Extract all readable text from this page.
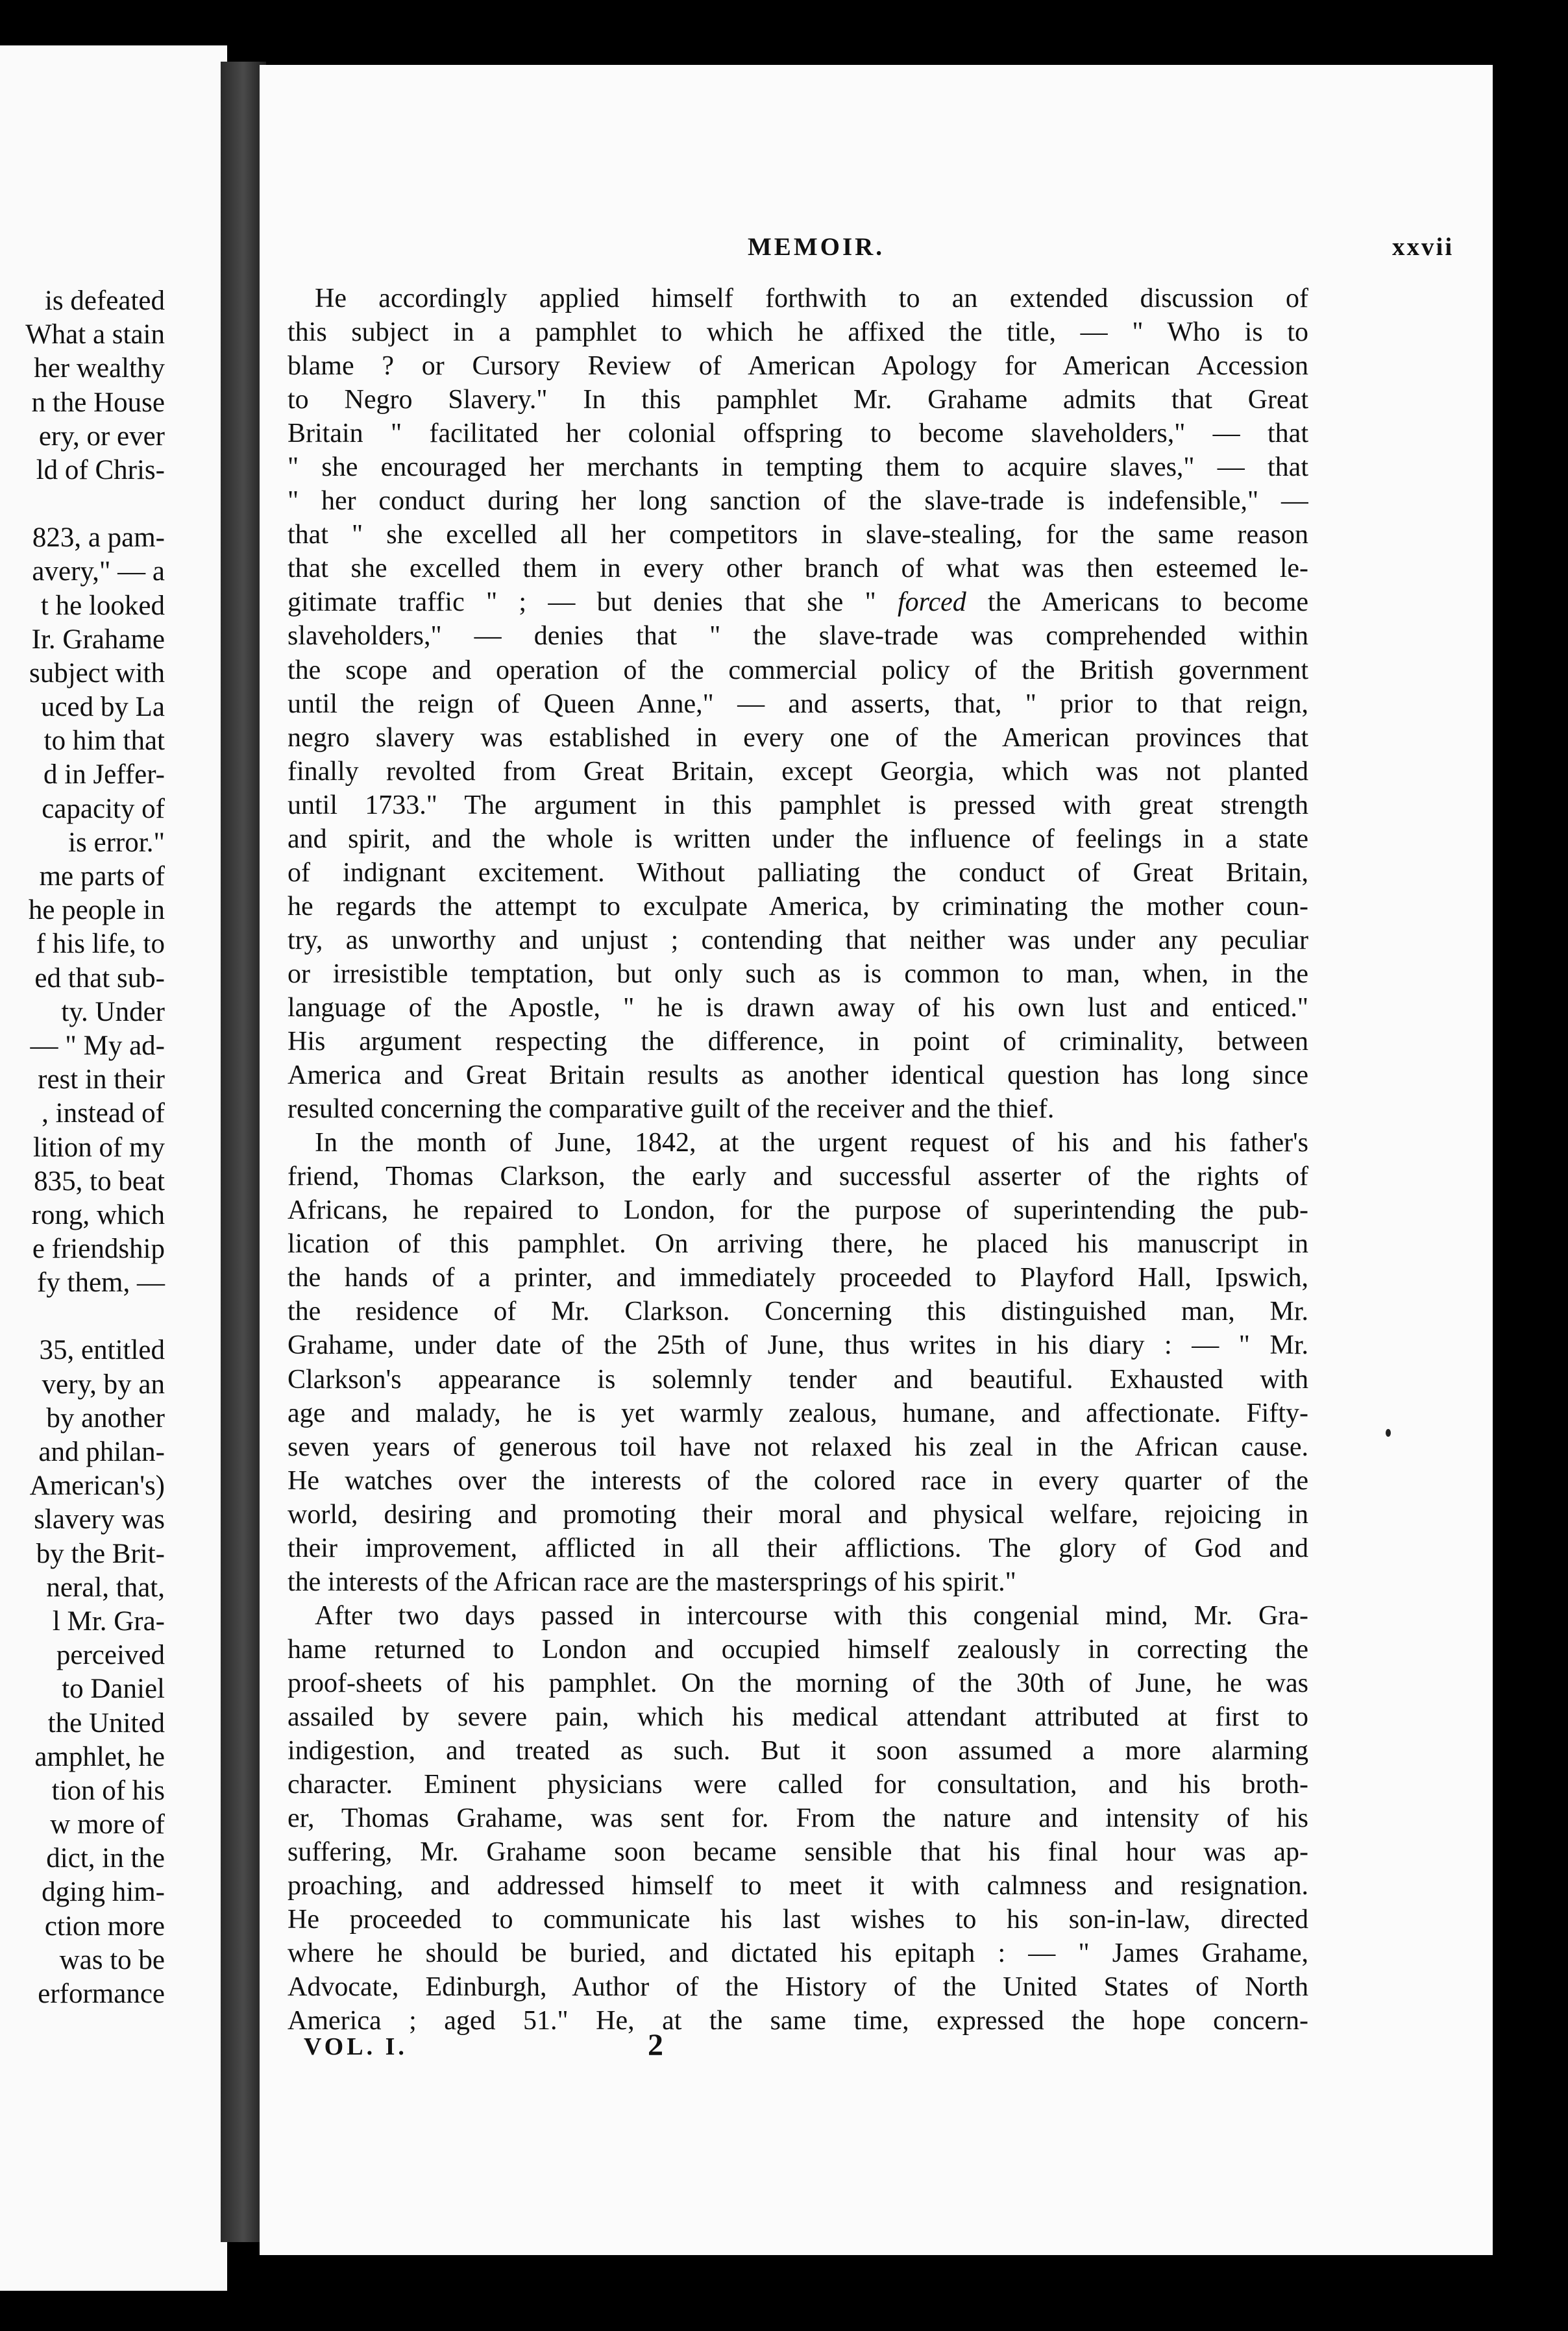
is defeated
What a stain
her wealthy
n the House
ery, or ever
ld of Chris-
823, a pam-
avery," — a
t he looked
Ir. Grahame
subject with
uced by La
to him that
d in Jeffer-
capacity of
is error."
me parts of
he people in
f his life, to
ed that sub-
ty. Under
— " My ad-
rest in their
, instead of
lition of my
835, to beat
rong, which
e friendship
fy them, —
35, entitled
very, by an
by another
and philan-
American's)
slavery was
by the Brit-
neral, that,
l Mr. Gra-
perceived
to Daniel
the United
amphlet, he
tion of his
w more of
dict, in the
dging him-
ction more
was to be
erformance
MEMOIR.	xxvii
He accordingly applied himself forthwith to an extended discussion of
this subject in a pamphlet to which he affixed the title, — " Who is to
blame ? or Cursory Review of American Apology for American Accession
to Negro Slavery." In this pamphlet Mr. Grahame admits that Great
Britain " facilitated her colonial offspring to become slaveholders," — that
" she encouraged her merchants in tempting them to acquire slaves," — that
" her conduct during her long sanction of the slave-trade is indefensible," —
that " she excelled all her competitors in slave-stealing, for the same reason
that she excelled them in every other branch of what was then esteemed le-
gitimate traffic " ; — but denies that she " forced the Americans to become
slaveholders," — denies that " the slave-trade was comprehended within
the scope and operation of the commercial policy of the British government
until the reign of Queen Anne," — and asserts, that, " prior to that reign,
negro slavery was established in every one of the American provinces that
finally revolted from Great Britain, except Georgia, which was not planted
until 1733." The argument in this pamphlet is pressed with great strength
and spirit, and the whole is written under the influence of feelings in a state
of indignant excitement. Without palliating the conduct of Great Britain,
he regards the attempt to exculpate America, by criminating the mother coun-
try, as unworthy and unjust ; contending that neither was under any peculiar
or irresistible temptation, but only such as is common to man, when, in the
language of the Apostle, " he is drawn away of his own lust and enticed."
His argument respecting the difference, in point of criminality, between
America and Great Britain results as another identical question has long since
resulted concerning the comparative guilt of the receiver and the thief.
In the month of June, 1842, at the urgent request of his and his father's
friend, Thomas Clarkson, the early and successful asserter of the rights of
Africans, he repaired to London, for the purpose of superintending the pub-
lication of this pamphlet. On arriving there, he placed his manuscript in
the hands of a printer, and immediately proceeded to Playford Hall, Ipswich,
the residence of Mr. Clarkson. Concerning this distinguished man, Mr.
Grahame, under date of the 25th of June, thus writes in his diary : — " Mr.
Clarkson's appearance is solemnly tender and beautiful. Exhausted with
age and malady, he is yet warmly zealous, humane, and affectionate. Fifty-
seven years of generous toil have not relaxed his zeal in the African cause.
He watches over the interests of the colored race in every quarter of the
world, desiring and promoting their moral and physical welfare, rejoicing in
their improvement, afflicted in all their afflictions. The glory of God and
the interests of the African race are the mastersprings of his spirit."
After two days passed in intercourse with this congenial mind, Mr. Gra-
hame returned to London and occupied himself zealously in correcting the
proof-sheets of his pamphlet. On the morning of the 30th of June, he was
assailed by severe pain, which his medical attendant attributed at first to
indigestion, and treated as such. But it soon assumed a more alarming
character. Eminent physicians were called for consultation, and his broth-
er, Thomas Grahame, was sent for. From the nature and intensity of his
suffering, Mr. Grahame soon became sensible that his final hour was ap-
proaching, and addressed himself to meet it with calmness and resignation.
He proceeded to communicate his last wishes to his son-in-law, directed
where he should be buried, and dictated his epitaph : — " James Grahame,
Advocate, Edinburgh, Author of the History of the United States of North
America ; aged 51." He, at the same time, expressed the hope concern-
VOL. I.	2
